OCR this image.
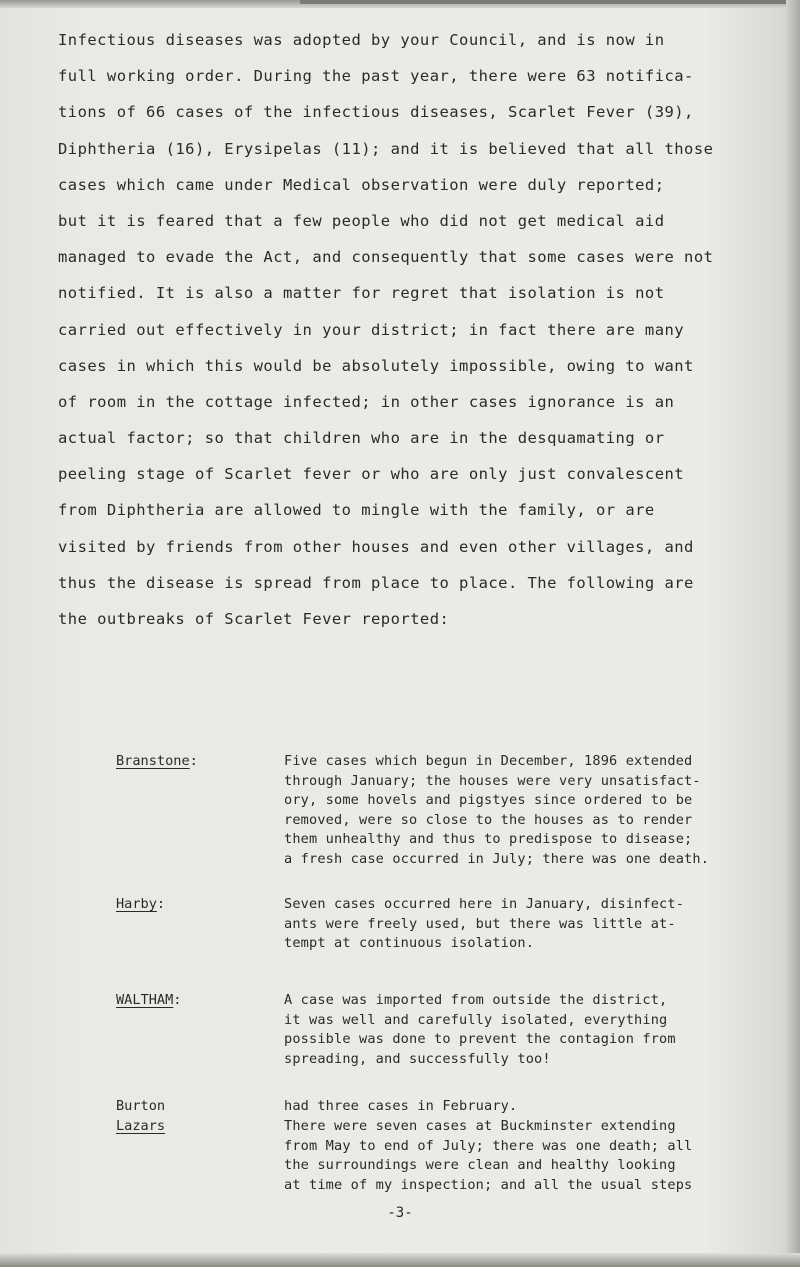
Infectious diseases was adopted by your Council, and is now in
full working order. During the past year, there were 63 notifica-
tions of 66 cases of the infectious diseases, Scarlet Fever (39),
Diphtheria (16), Erysipelas (11); and it is believed that all those
cases which came under Medical observation were duly reported;
but it is feared that a few people who did not get medical aid
managed to evade the Act, and consequently that some cases were not
notified. It is also a matter for regret that isolation is not
carried out effectively in your district; in fact there are many
cases in which this would be absolutely impossible, owing to want
of room in the cottage infected; in other cases ignorance is an
actual factor; so that children who are in the desquamating or
peeling stage of Scarlet fever or who are only just convalescent
from Diphtheria are allowed to mingle with the family, or are
visited by friends from other houses and even other villages, and
thus the disease is spread from place to place. The following are
the outbreaks of Scarlet Fever reported:
Branstone:	Five cases which begun in December, 1896 extended
through January; the houses were very unsatisfact-
ory, some hovels and pigstyes since ordered to be
removed, were so close to the houses as to render
them unhealthy and thus to predispose to disease;
a fresh case occurred in July; there was one death.
Harby:	Seven cases occurred here in January, disinfect-
ants were freely used, but there was little at-
tempt at continuous isolation.
WALTHAM:	A case was imported from outside the district,
it was well and carefully isolated, everything
possible was done to prevent the contagion from
spreading, and successfully too!
Burton	had three cases in February.
Lazars	There were seven cases at Buckminster extending
from May to end of July; there was one death; all
the surroundings were clean and healthy looking
at time of my inspection; and all the usual steps
-3-
